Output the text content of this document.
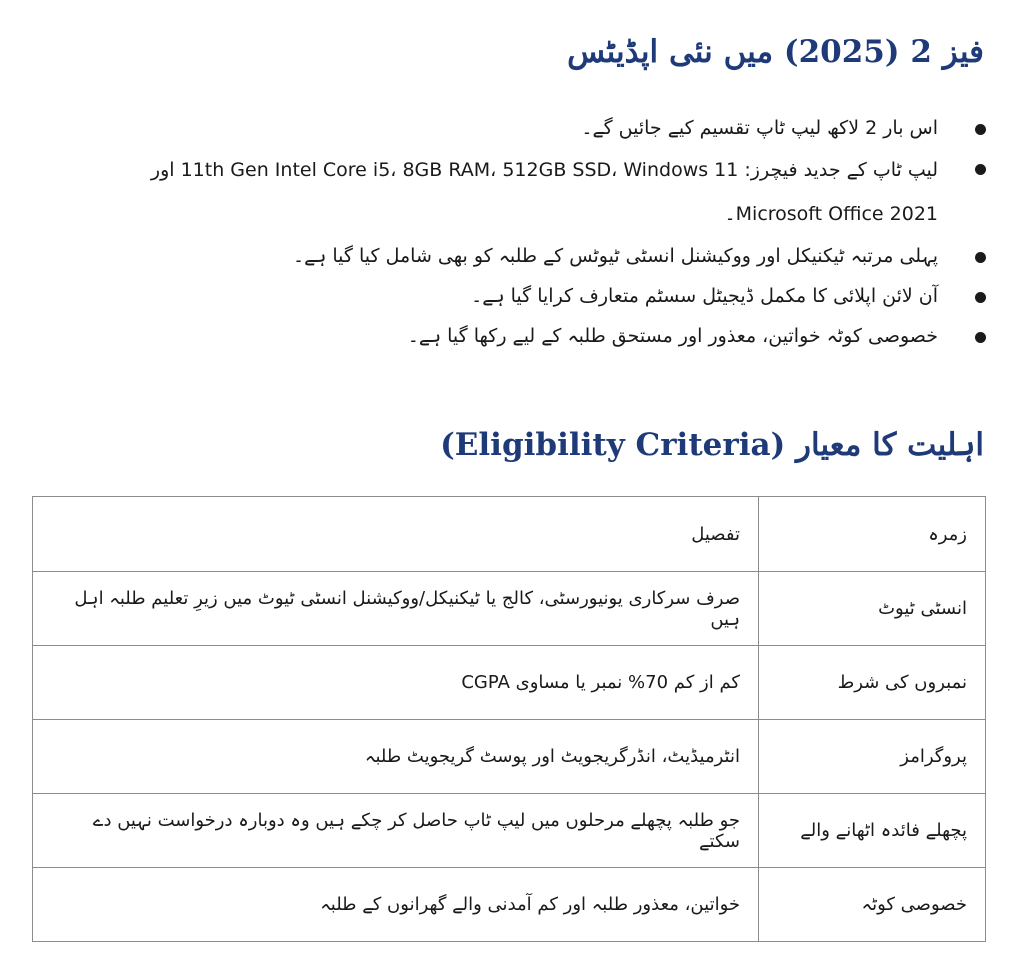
فیز 2 (2025) میں نئی اپڈیٹس
اس بار 2 لاکھ لیپ ٹاپ تقسیم کیے جائیں گے۔
لیپ ٹاپ کے جدید فیچرز: 11th Gen Intel Core i5، 8GB RAM، 512GB SSD، Windows 11 اور Microsoft Office 2021۔
پہلی مرتبہ ٹیکنیکل اور ووکیشنل انسٹی ٹیوٹس کے طلبہ کو بھی شامل کیا گیا ہے۔
آن لائن اپلائی کا مکمل ڈیجیٹل سسٹم متعارف کرایا گیا ہے۔
خصوصی کوٹہ خواتین، معذور اور مستحق طلبہ کے لیے رکھا گیا ہے۔
اہلیت کا معیار (Eligibility Criteria)
زمرہ	تفصیل
انسٹی ٹیوٹ	صرف سرکاری یونیورسٹی، کالج یا ٹیکنیکل/ووکیشنل انسٹی ٹیوٹ میں زیرِ تعلیم طلبہ اہل ہیں
نمبروں کی شرط	کم از کم 70% نمبر یا مساوی CGPA
پروگرامز	انٹرمیڈیٹ، انڈرگریجویٹ اور پوسٹ گریجویٹ طلبہ
پچھلے فائدہ اٹھانے والے	جو طلبہ پچھلے مرحلوں میں لیپ ٹاپ حاصل کر چکے ہیں وہ دوبارہ درخواست نہیں دے سکتے
خصوصی کوٹہ	خواتین، معذور طلبہ اور کم آمدنی والے گھرانوں کے طلبہ
